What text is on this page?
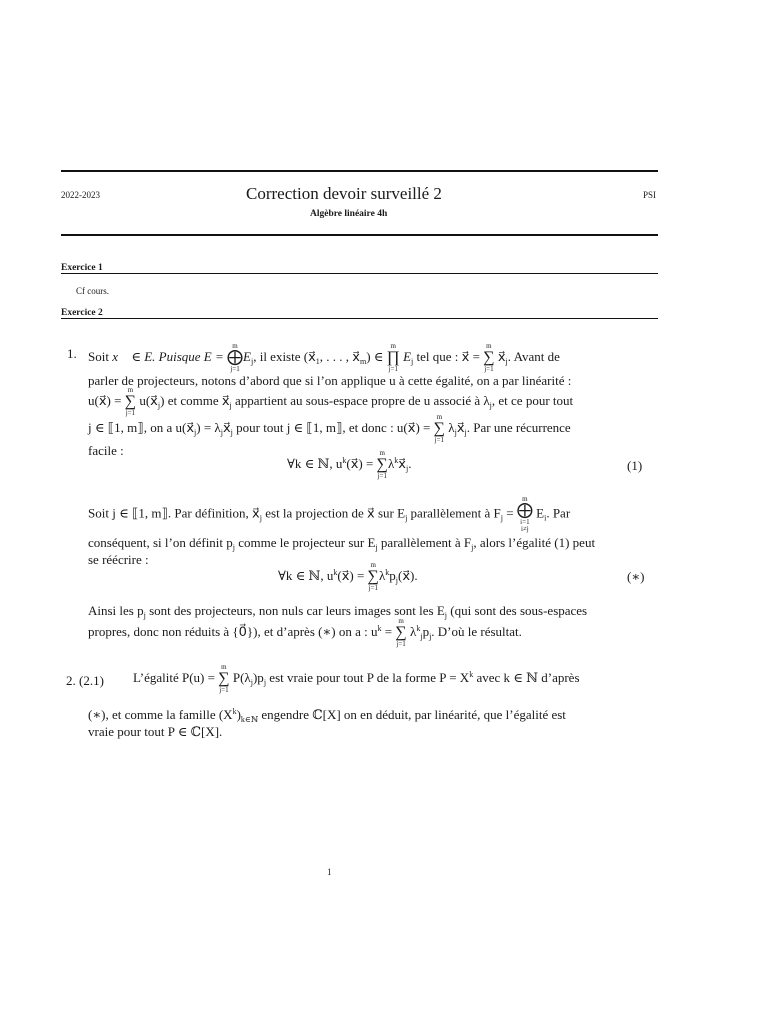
2022-2023	Correction devoir surveillé 2	PSI
Algèbre linéaire 4h
Exercice 1
Cf cours.
Exercice 2
1. Soit x⃗ ∈ E. Puisque E =
m
⨁
j=1
$E_j$, il existe ($x⃗_1$, . . . , $x⃗_m$) ∈
m
∏
j=1
$E_j$ tel que : x⃗ =
m
∑
j=1
$x⃗_j$. Avant de
parler de projecteurs, notons d’abord que si l’on applique u à cette égalité, on a par linéarité :
u(x⃗) =
m
∑
j=1
$u(x⃗_j)$ et comme $x⃗_j$ appartient au sous-espace propre de u associé à $\lambda_j$, et ce pour tout
j ∈ ⟦1, m⟧, on a $u(x⃗_j)$ = $\lambda_jx⃗_j$ pour tout j ∈ ⟦1, m⟧, et donc : u(x⃗) =
m
∑
j=1
$\lambda_jx⃗_j$. Par une récurrence
facile :
∀k ∈ ℕ, $u^k(x⃗)$ =
m
∑
j=1
$\lambda^kx⃗_j$.	(1)
Soit j ∈ ⟦1, m⟧. Par définition, $x⃗_j$ est la projection de x⃗ sur $E_j$ parallèlement à $F_j$ =
m
⨁
i=1
i≠j
$E_i$. Par
conséquent, si l’on définit $p_j$ comme le projecteur sur $E_j$ parallèlement à $F_j$, alors l’égalité (1) peut
se réécrire :
∀k ∈ ℕ, $u^k(x⃗)$ =
m
∑
j=1
$\lambda^kp_j(x⃗)$.	(∗)
Ainsi les $p_j$ sont des projecteurs, non nuls car leurs images sont les $E_j$ (qui sont des sous-espaces
propres, donc non réduits à {0⃗}), et d’après (∗) on a : $u^k$ =
m
∑
j=1
$\lambda^k_jp_j$. D’où le résultat.
2. (2.1) L’égalité P(u) =
m
∑
j=1
$P(\lambda_j)p_j$ est vraie pour tout P de la forme $P = X^k$ avec k ∈ ℕ d’après
(∗), et comme la famille $(X^k)_{k\in ℕ}$ engendre ℂ[X] on en déduit, par linéarité, que l’égalité est
vraie pour tout P ∈ ℂ[X].
1
